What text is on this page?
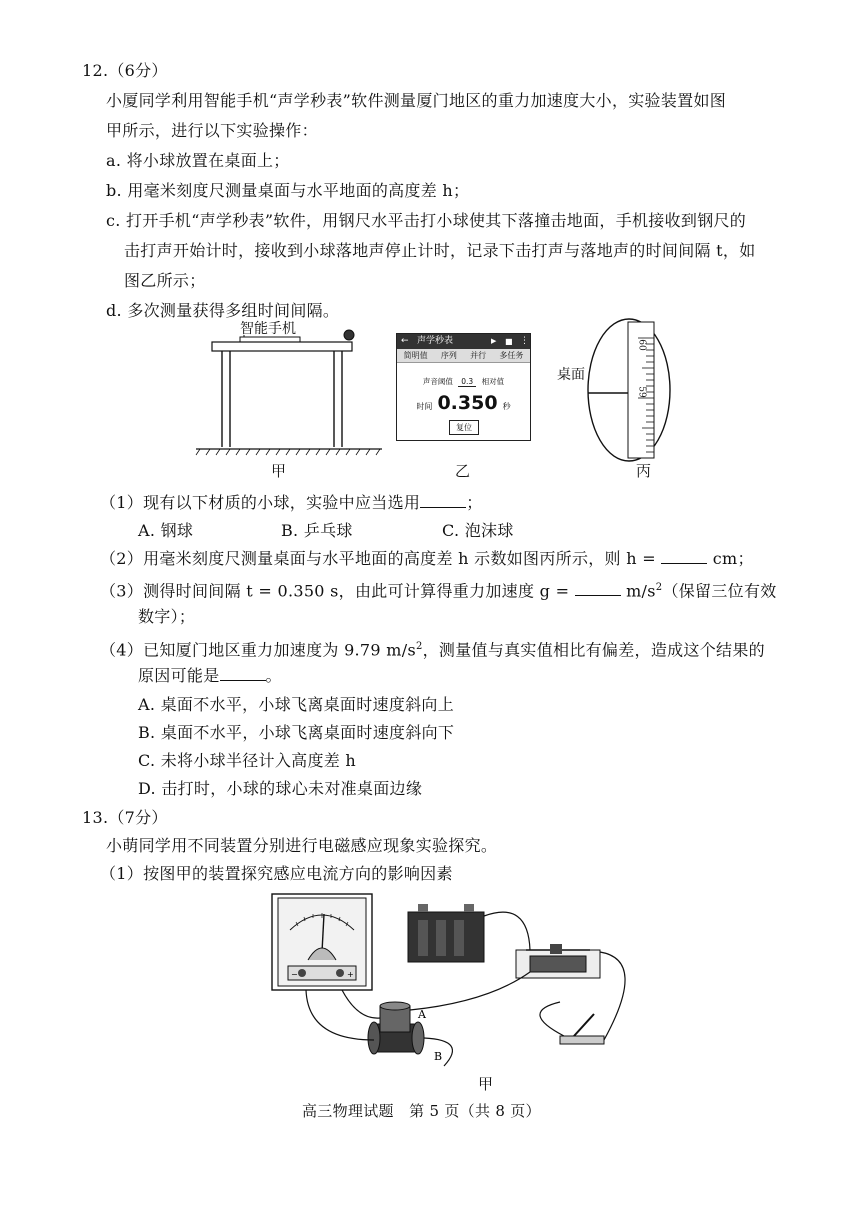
12.（6分）
小厦同学利用智能手机“声学秒表”软件测量厦门地区的重力加速度大小，实验装置如图
甲所示，进行以下实验操作：
a. 将小球放置在桌面上；
b. 用毫米刻度尺测量桌面与水平地面的高度差 h；
c. 打开手机“声学秒表”软件，用钢尺水平击打小球使其下落撞击地面，手机接收到钢尺的
击打声开始计时，接收到小球落地声停止计时，记录下击打声与落地声的时间间隔 t，如
图乙所示；
d. 多次测量获得多组时间间隔。
智能手机
甲
← 声学秒表	▶ ■ ⋮
简明值 序列 并行 多任务
声音阈值 0.3 相对值
时间 0.350 秒
复位
乙
桌面
60
59
丙
（1）现有以下材质的小球，实验中应当选用	；
A. 钢球	B. 乒乓球	C. 泡沫球
（2）用毫米刻度尺测量桌面与水平地面的高度差 h 示数如图丙所示，则 h =	cm；
（3）测得时间间隔 t = 0.350 s，由此可计算得重力加速度 g =	$m/s^2$（保留三位有效
数字）；
（4）已知厦门地区重力加速度为 9.79 $m/s^2$，测量值与真实值相比有偏差，造成这个结果的
原因可能是	。
A. 桌面不水平，小球飞离桌面时速度斜向上
B. 桌面不水平，小球飞离桌面时速度斜向下
C. 未将小球半径计入高度差 h
D. 击打时，小球的球心未对准桌面边缘
13.（7分）
小萌同学用不同装置分别进行电磁感应现象实验探究。
（1）按图甲的装置探究感应电流方向的影响因素
−	+
A
B
甲
高三物理试题　第 5 页（共 8 页）
